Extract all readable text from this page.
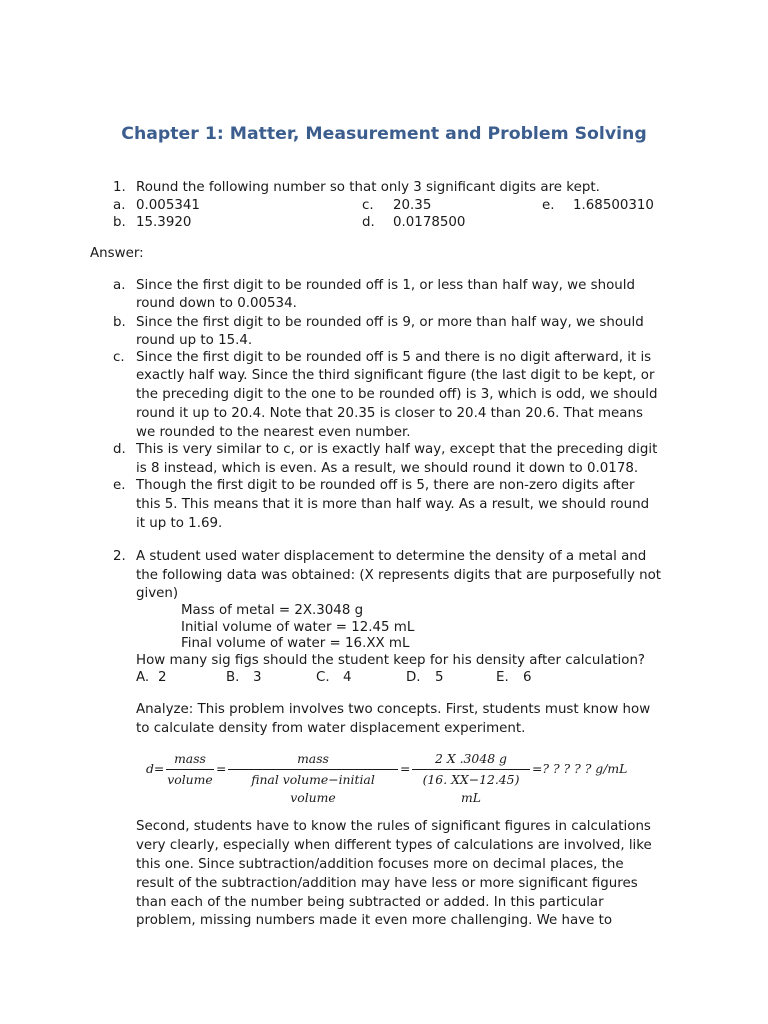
Chapter 1: Matter, Measurement and Problem Solving
1. Round the following number so that only 3 significant digits are kept.
a. 0.005341
b. 15.3920
c. 20.35
d. 0.0178500
e. 1.68500310
Answer:
a. Since the first digit to be rounded off is 1, or less than half way, we should
round down to 0.00534.
b. Since the first digit to be rounded off is 9, or more than half way, we should
round up to 15.4.
c. Since the first digit to be rounded off is 5 and there is no digit afterward, it is
exactly half way. Since the third significant figure (the last digit to be kept, or
the preceding digit to the one to be rounded off) is 3, which is odd, we should
round it up to 20.4. Note that 20.35 is closer to 20.4 than 20.6. That means
we rounded to the nearest even number.
d. This is very similar to c, or is exactly half way, except that the preceding digit
is 8 instead, which is even. As a result, we should round it down to 0.0178.
e. Though the first digit to be rounded off is 5, there are non-zero digits after
this 5. This means that it is more than half way. As a result, we should round
it up to 1.69.
2. A student used water displacement to determine the density of a metal and
the following data was obtained: (X represents digits that are purposefully not
given)
Mass of metal = 2X.3048 g
Initial volume of water = 12.45 mL
Final volume of water = 16.XX mL
How many sig figs should the student keep for his density after calculation?
A. 2	B. 3	C. 4	D. 5	E. 6
Analyze: This problem involves two concepts. First, students must know how
to calculate density from water displacement experiment.
d=
mass
volume
=
mass
final volume−initial volume
=
2 X .3048 g
(16. XX−12.45) mL
=? ? ? ? ? g/mL
Second, students have to know the rules of significant figures in calculations
very clearly, especially when different types of calculations are involved, like
this one. Since subtraction/addition focuses more on decimal places, the
result of the subtraction/addition may have less or more significant figures
than each of the number being subtracted or added. In this particular
problem, missing numbers made it even more challenging. We have to
